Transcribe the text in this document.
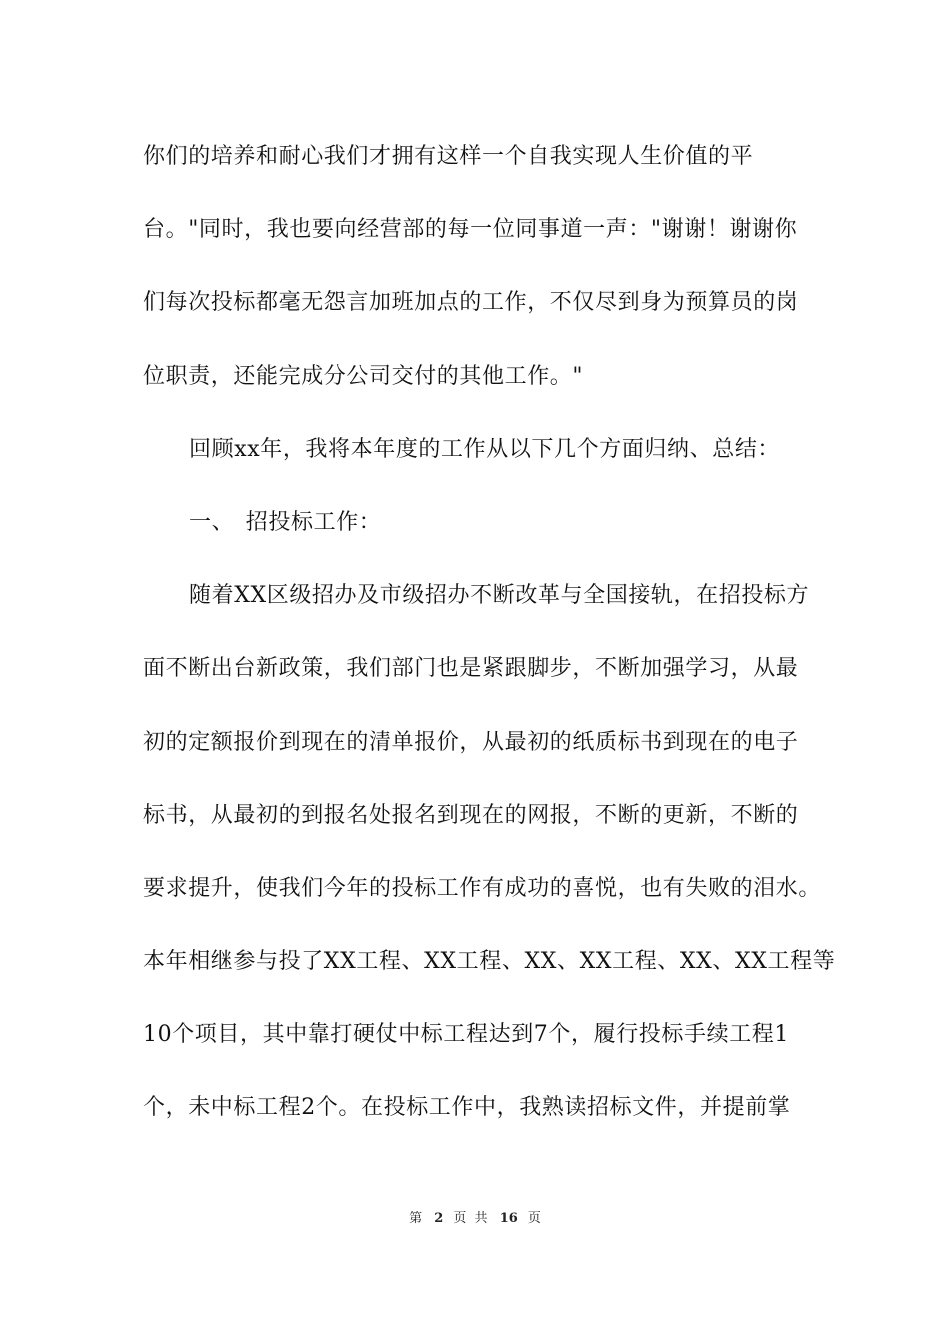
你们的培养和耐心我们才拥有这样一个自我实现人生价值的平
台。"同时，我也要向经营部的每一位同事道一声："谢谢！谢谢你
们每次投标都毫无怨言加班加点的工作，不仅尽到身为预算员的岗
位职责，还能完成分公司交付的其他工作。"
回顾xx年，我将本年度的工作从以下几个方面归纳、总结：
一、　招投标工作：
随着XX区级招办及市级招办不断改革与全国接轨，在招投标方
面不断出台新政策，我们部门也是紧跟脚步，不断加强学习，从最
初的定额报价到现在的清单报价，从最初的纸质标书到现在的电子
标书，从最初的到报名处报名到现在的网报，不断的更新，不断的
要求提升，使我们今年的投标工作有成功的喜悦，也有失败的泪水。
本年相继参与投了XX工程、XX工程、XX、XX工程、XX、XX工程等
10个项目，其中靠打硬仗中标工程达到7个，履行投标手续工程1
个，未中标工程2个。在投标工作中，我熟读招标文件，并提前掌
第 2 页 共 16 页
